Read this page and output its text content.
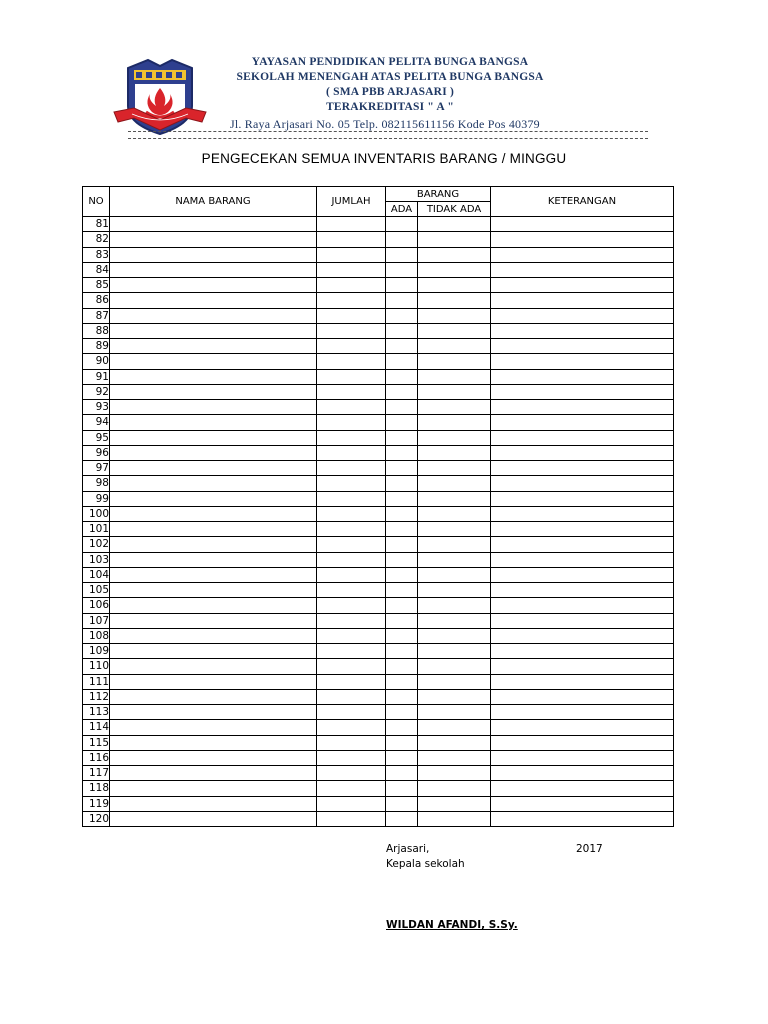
YAYASAN PENDIDIKAN PELITA BUNGA BANGSA
SEKOLAH MENENGAH ATAS PELITA BUNGA BANGSA
( SMA PBB ARJASARI )
TERAKREDITASI " A "
Jl. Raya Arjasari No. 05 Telp. 082115611156 Kode Pos 40379
PENGECEKAN SEMUA INVENTARIS BARANG / MINGGU
NO	NAMA BARANG	JUMLAH	BARANG		KETERANGAN
			ADA	TIDAK ADA	
81					
82					
83					
84					
85					
86					
87					
88					
89					
90					
91					
92					
93					
94					
95					
96					
97					
98					
99					
100					
101					
102					
103					
104					
105					
106					
107					
108					
109					
110					
111					
112					
113					
114					
115					
116					
117					
118					
119					
120					
Arjasari,	2017
Kepala sekolah
WILDAN AFANDI, S.Sy.
